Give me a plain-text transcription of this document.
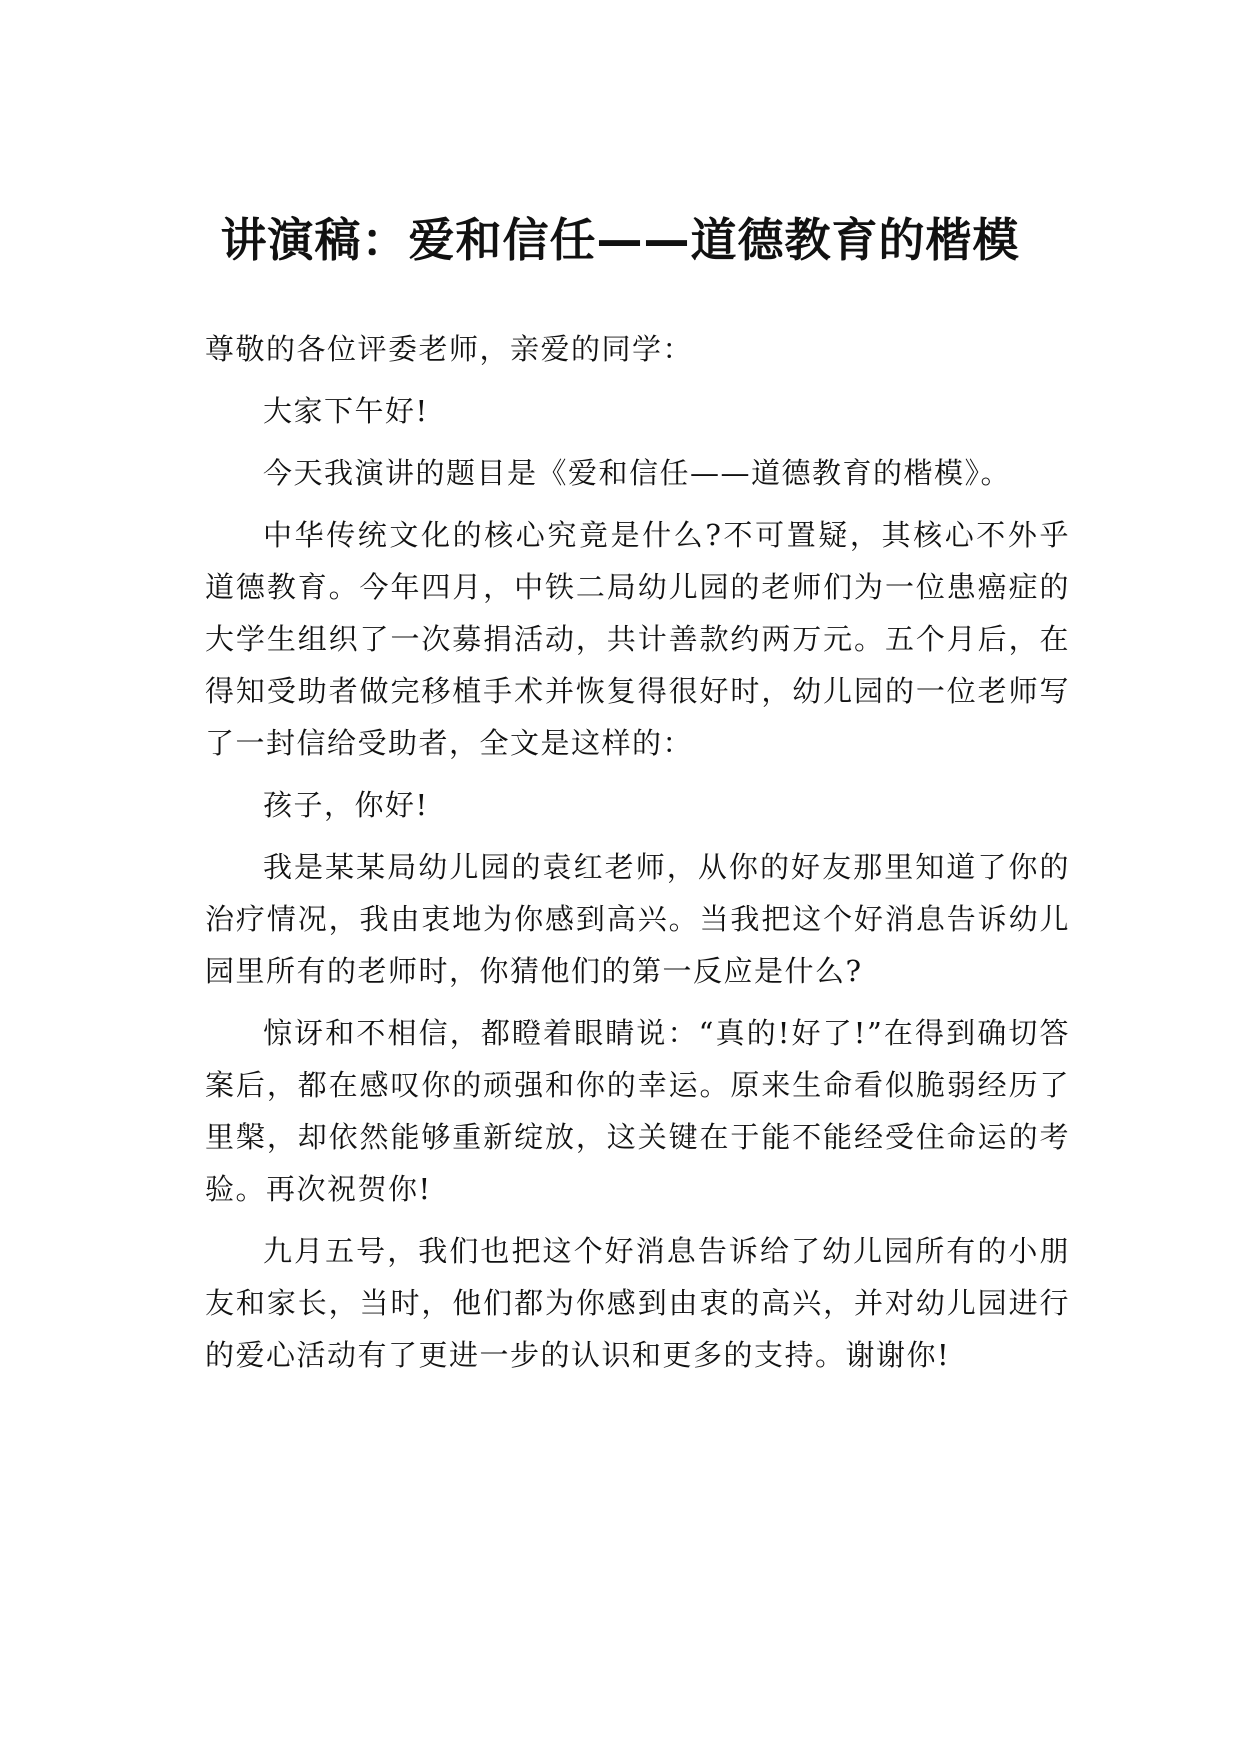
讲演稿：爱和信任——道德教育的楷模

尊敬的各位评委老师，亲爱的同学：

大家下午好!

今天我演讲的题目是《爱和信任——道德教育的楷模》。

中华传统文化的核心究竟是什么?不可置疑，其核心不外乎道德教育。今年四月，中铁二局幼儿园的老师们为一位患癌症的大学生组织了一次募捐活动，共计善款约两万元。五个月后，在得知受助者做完移植手术并恢复得很好时，幼儿园的一位老师写了一封信给受助者，全文是这样的：

孩子，你好!

我是某某局幼儿园的袁红老师，从你的好友那里知道了你的治疗情况，我由衷地为你感到高兴。当我把这个好消息告诉幼儿园里所有的老师时，你猜他们的第一反应是什么?

惊讶和不相信，都瞪着眼睛说：“真的!好了!”在得到确切答案后，都在感叹你的顽强和你的幸运。原来生命看似脆弱经历了里槃，却依然能够重新绽放，这关键在于能不能经受住命运的考验。再次祝贺你!

九月五号，我们也把这个好消息告诉给了幼儿园所有的小朋友和家长，当时，他们都为你感到由衷的高兴，并对幼儿园进行的爱心活动有了更进一步的认识和更多的支持。谢谢你!
